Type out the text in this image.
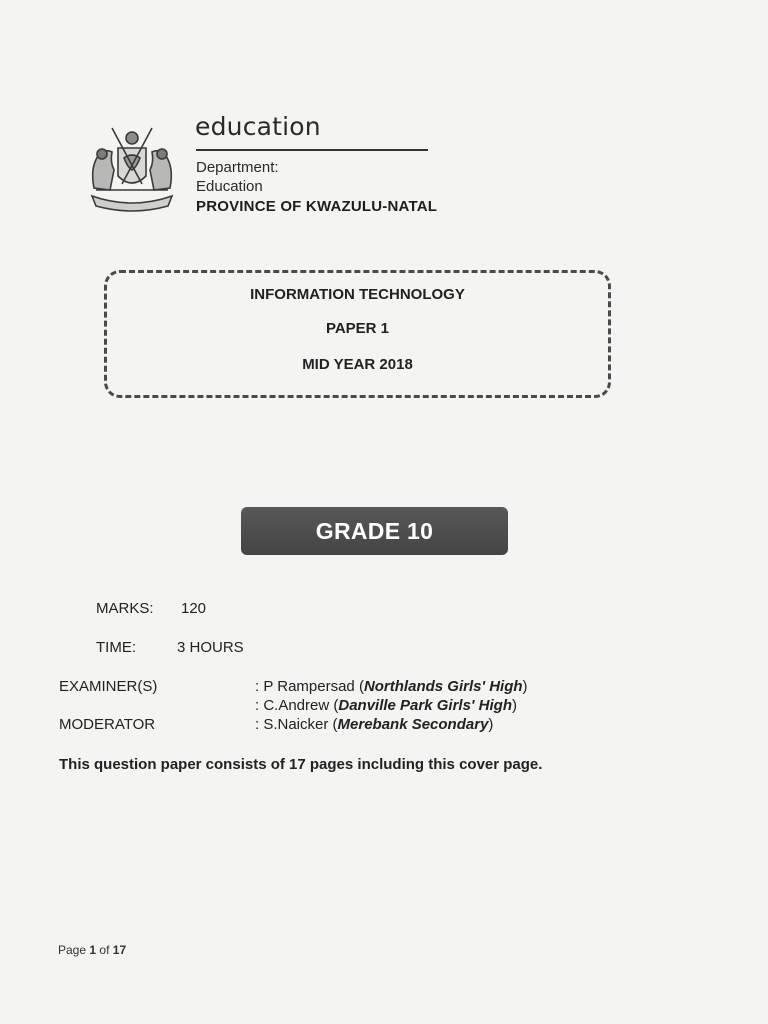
education
Department:
Education
PROVINCE OF KWAZULU-NATAL
INFORMATION TECHNOLOGY
PAPER 1
MID YEAR 2018
GRADE 10
MARKS: 120
TIME:	3 HOURS
EXAMINER(S)	: P Rampersad (Northlands Girls' High)
: C.Andrew (Danville Park Girls' High)
MODERATOR	: S.Naicker (Merebank Secondary)
This question paper consists of 17 pages including this cover page.
Page 1 of 17
